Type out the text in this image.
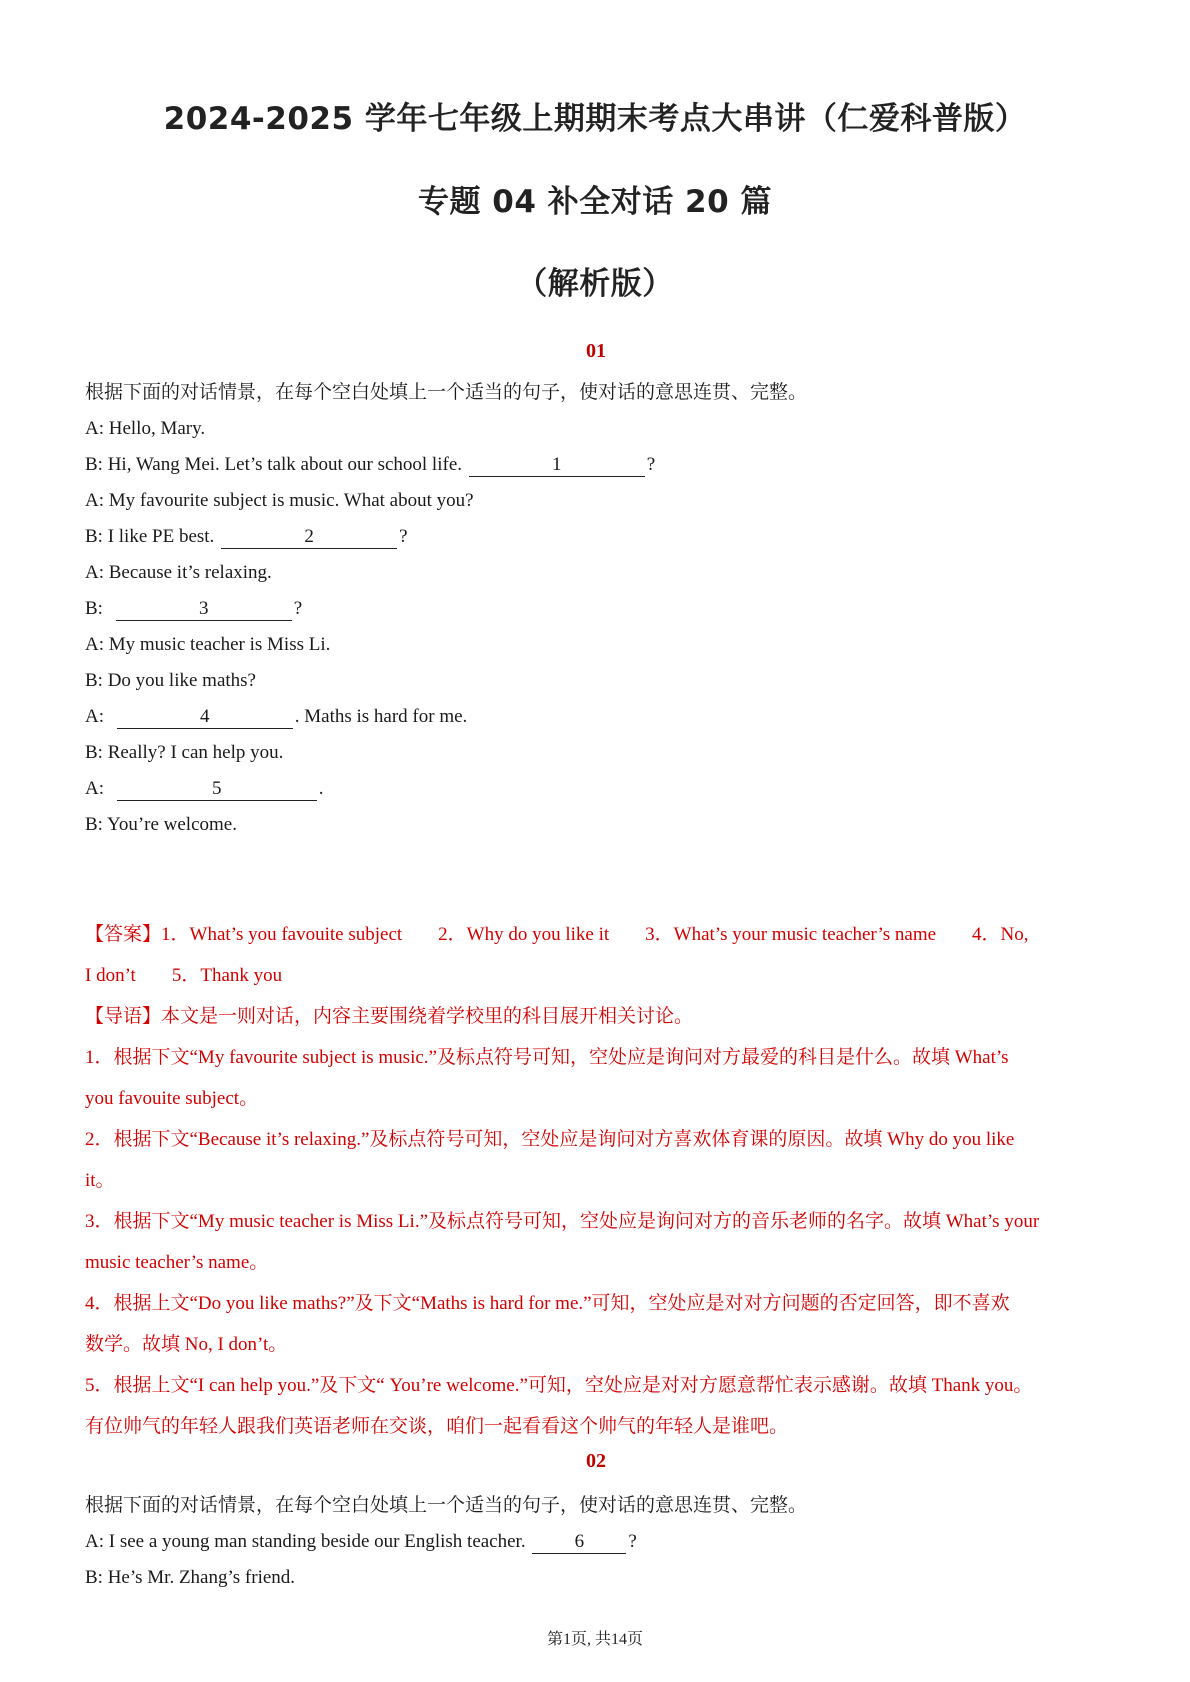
2024-2025 学年七年级上期期末考点大串讲（仁爱科普版）
专题 04 补全对话 20 篇
（解析版）
01
根据下面的对话情景，在每个空白处填上一个适当的句子，使对话的意思连贯、完整。
A: Hello, Mary.
B: Hi, Wang Mei. Let’s talk about our school life.	1	?
A: My favourite subject is music. What about you?
B: I like PE best.	2	?
A: Because it’s relaxing.
B:	3	?
A: My music teacher is Miss Li.
B: Do you like maths?
A:	4	. Maths is hard for me.
B: Really? I can help you.
A:	5	.
B: You’re welcome.

【答案】1．What’s you favouite subject 2．Why do you like it 3．What’s your music teacher’s name 4．No,

I don’t 5．Thank you

【导语】本文是一则对话，内容主要围绕着学校里的科目展开相关讨论。

1．根据下文“My favourite subject is music.”及标点符号可知，空处应是询问对方最爱的科目是什么。故填 What’s

you favouite subject。

2．根据下文“Because it’s relaxing.”及标点符号可知，空处应是询问对方喜欢体育课的原因。故填 Why do you like

it。

3．根据下文“My music teacher is Miss Li.”及标点符号可知，空处应是询问对方的音乐老师的名字。故填 What’s your

music teacher’s name。

4．根据上文“Do you like maths?”及下文“Maths is hard for me.”可知，空处应是对对方问题的否定回答，即不喜欢

数学。故填 No, I don’t。

5．根据上文“I can help you.”及下文“ You’re welcome.”可知，空处应是对对方愿意帮忙表示感谢。故填 Thank you。

有位帅气的年轻人跟我们英语老师在交谈，咱们一起看看这个帅气的年轻人是谁吧。

02
根据下面的对话情景，在每个空白处填上一个适当的句子，使对话的意思连贯、完整。
A: I see a young man standing beside our English teacher.	6 ?
B: He’s Mr. Zhang’s friend.
第1页, 共14页
